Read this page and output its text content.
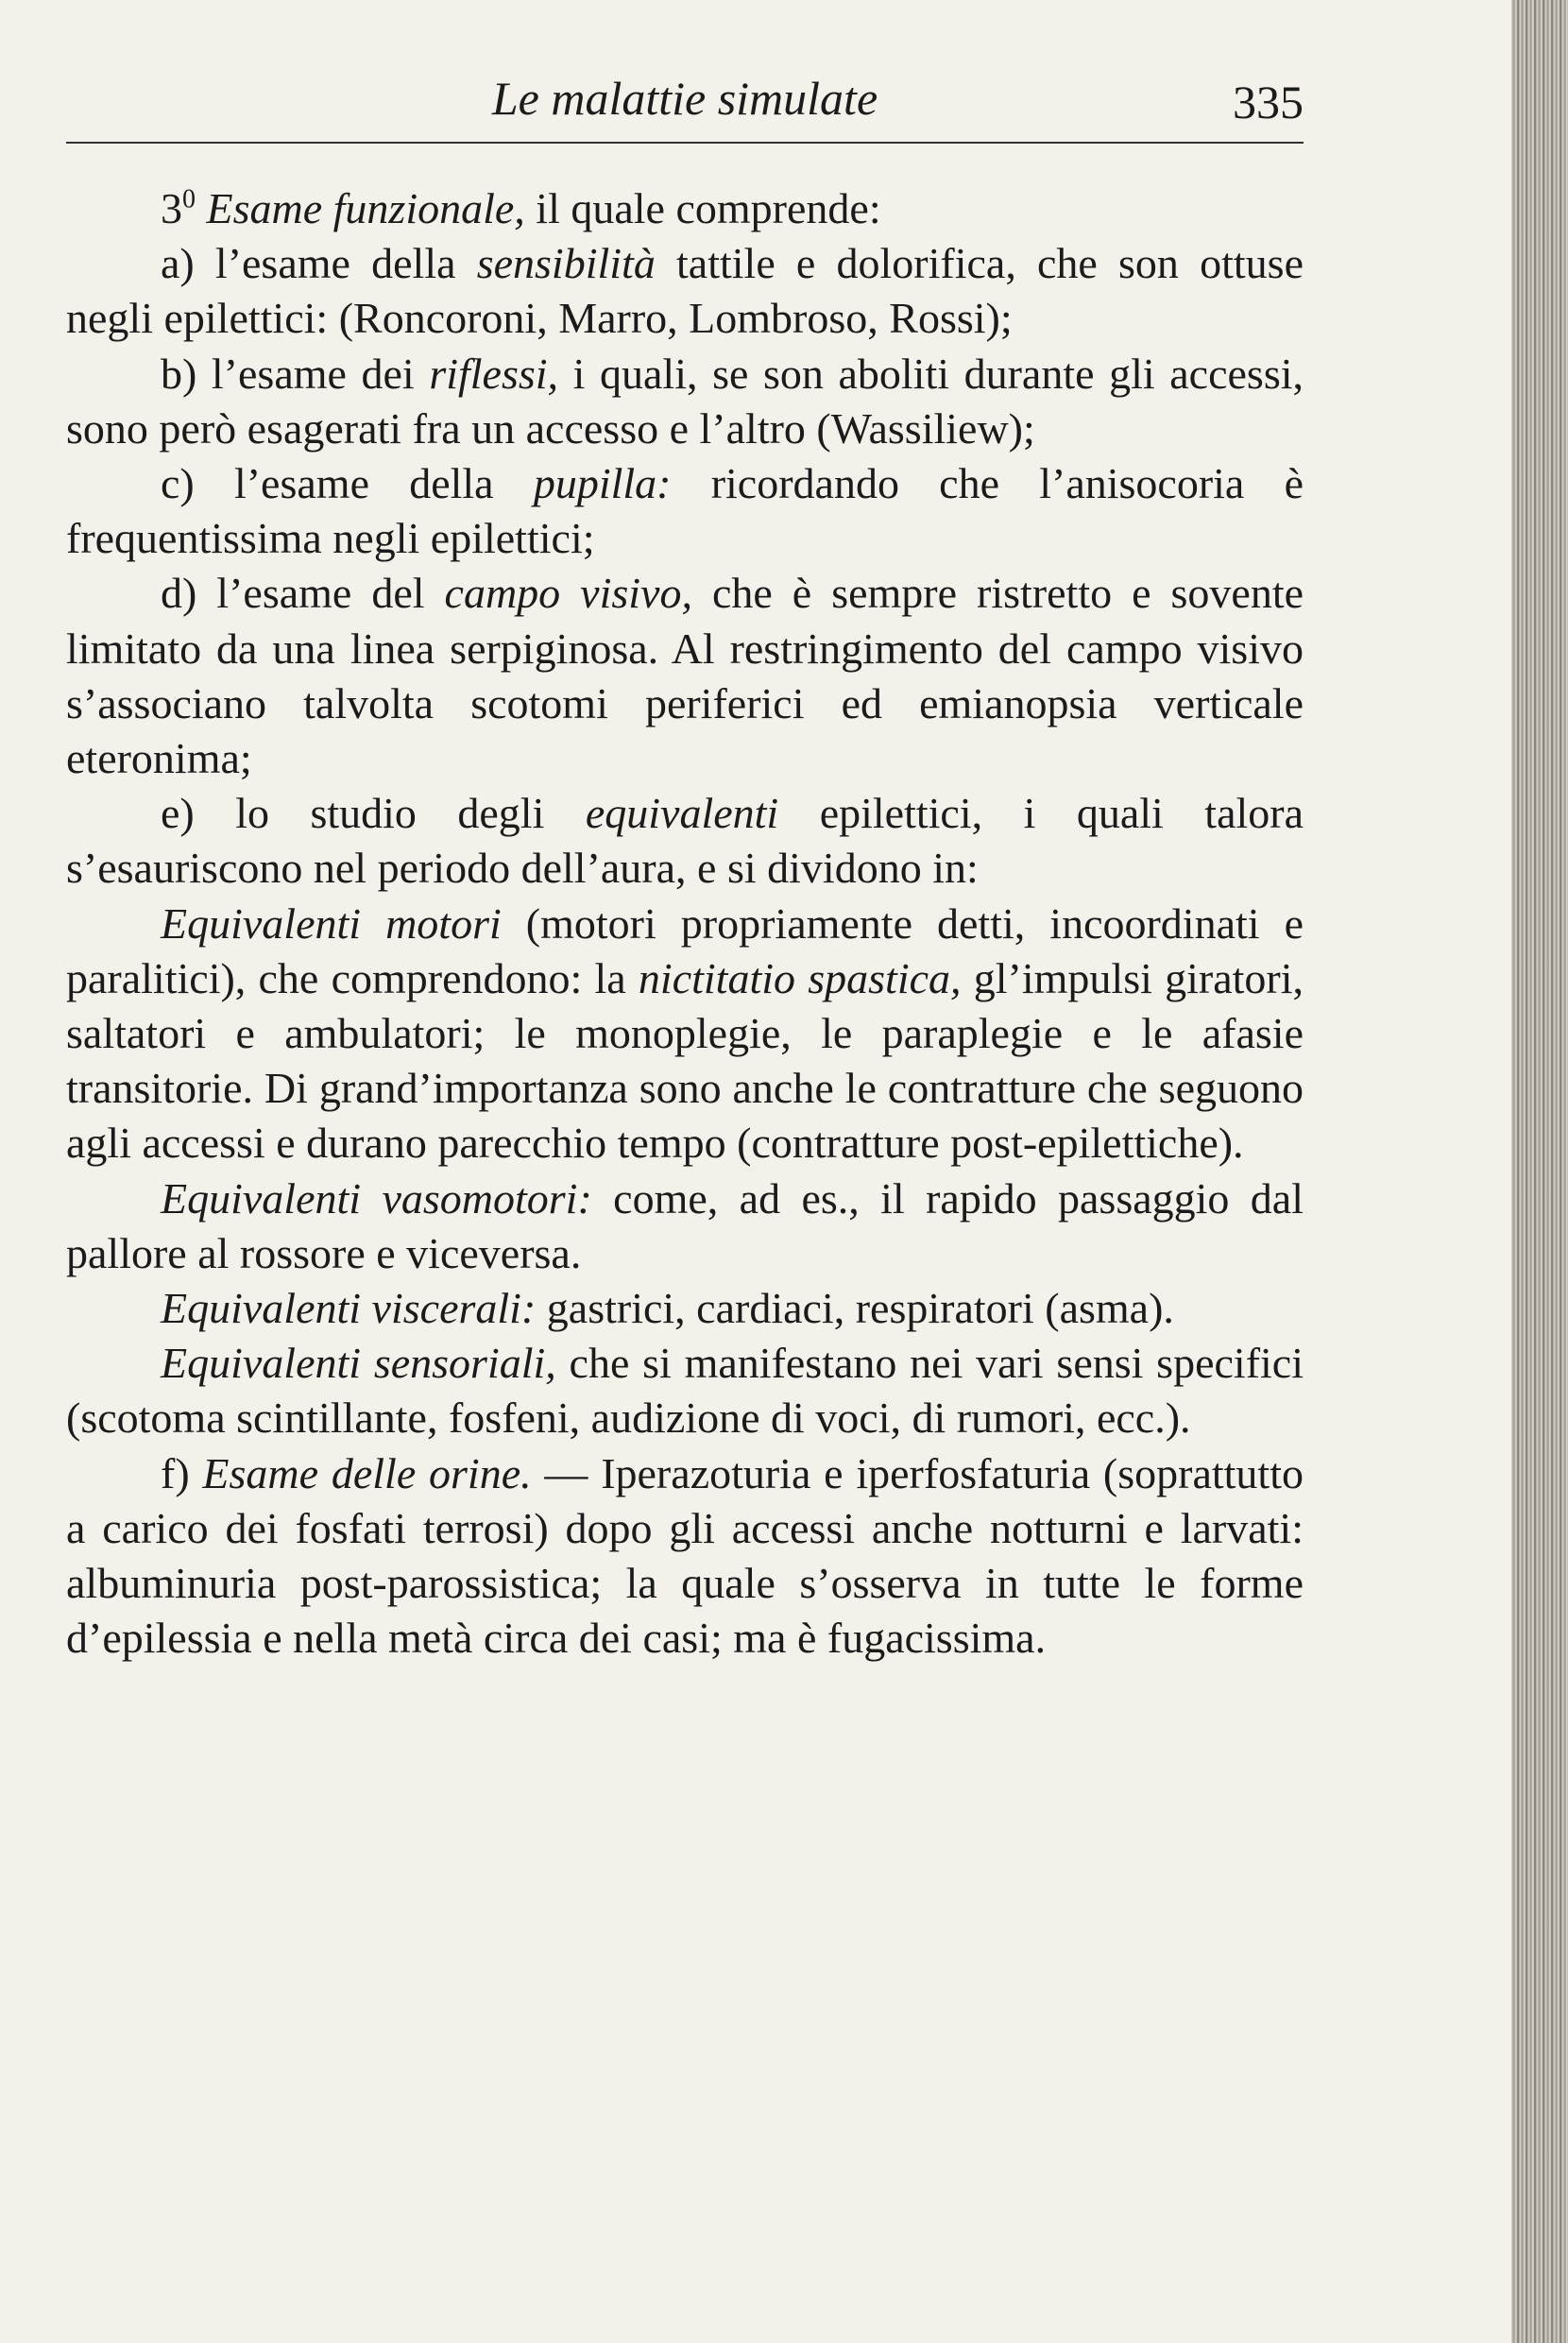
Le malattie simulate	335

$3^0$ Esame funzionale, il quale comprende:

a) l’esame della sensibilità tattile e dolorifica, che son ottuse negli epilettici: (Roncoroni, Marro, Lombroso, Rossi);

b) l’esame dei riflessi, i quali, se son aboliti durante gli accessi, sono però esagerati fra un accesso e l’altro (Wassiliew);

c) l’esame della pupilla: ricordando che l’anisocoria è frequentissima negli epilettici;

d) l’esame del campo visivo, che è sempre ristretto e sovente limitato da una linea serpiginosa. Al restringimento del campo visivo s’associano talvolta scotomi periferici ed emianopsia verticale eteronima;

e) lo studio degli equivalenti epilettici, i quali talora s’esauriscono nel periodo dell’aura, e si dividono in:

Equivalenti motori (motori propriamente detti, incoordinati e paralitici), che comprendono: la nictitatio spastica, gl’impulsi giratori, saltatori e ambulatori; le monoplegie, le paraplegie e le afasie transitorie. Di grand’importanza sono anche le contratture che seguono agli accessi e durano parecchio tempo (contratture post-epilettiche).

Equivalenti vasomotori: come, ad es., il rapido passaggio dal pallore al rossore e viceversa.

Equivalenti viscerali: gastrici, cardiaci, respiratori (asma).

Equivalenti sensoriali, che si manifestano nei vari sensi specifici (scotoma scintillante, fosfeni, audizione di voci, di rumori, ecc.).

f) Esame delle orine. — Iperazoturia e iperfosfaturia (soprattutto a carico dei fosfati terrosi) dopo gli accessi anche notturni e larvati: albuminuria post-parossistica; la quale s’osserva in tutte le forme d’epilessia e nella metà circa dei casi; ma è fugacissima.
